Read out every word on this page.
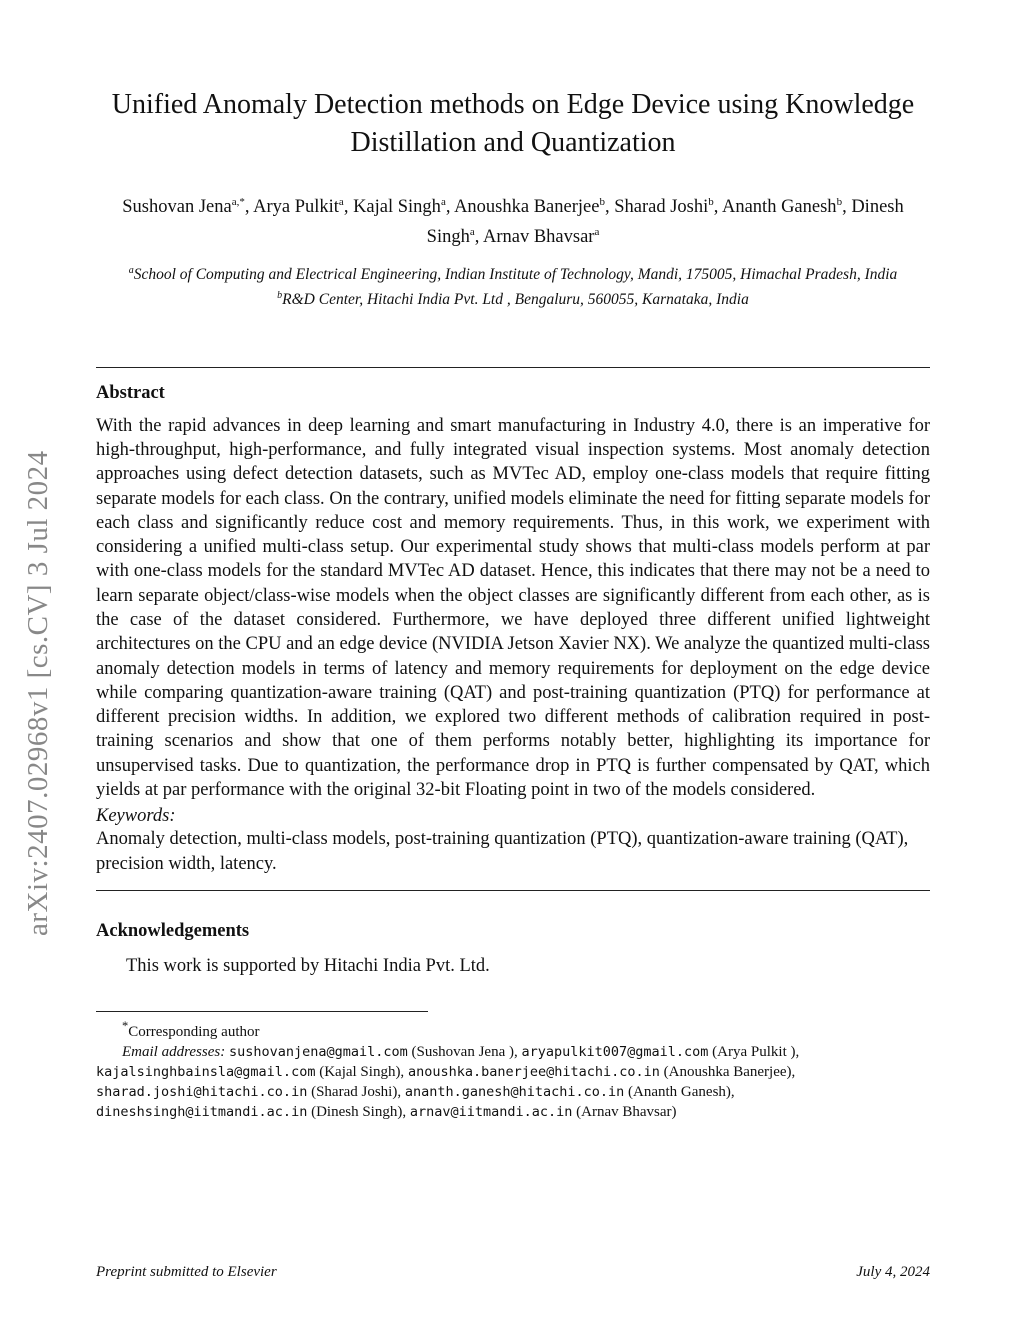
arXiv:2407.02968v1 [cs.CV] 3 Jul 2024
Unified Anomaly Detection methods on Edge Device using Knowledge Distillation and Quantization
Sushovan Jena$^{a,*}$, Arya Pulkit$^a$, Kajal Singh$^a$, Anoushka Banerjee$^b$, Sharad Joshi$^b$, Ananth Ganesh$^b$, Dinesh Singh$^a$, Arnav Bhavsar$^a$
$^a$School of Computing and Electrical Engineering, Indian Institute of Technology, Mandi, 175005, Himachal Pradesh, India
$^b$R&D Center, Hitachi India Pvt. Ltd , Bengaluru, 560055, Karnataka, India
Abstract
With the rapid advances in deep learning and smart manufacturing in Industry 4.0, there is an imperative for high-throughput, high-performance, and fully integrated visual inspection systems. Most anomaly detection approaches using defect detection datasets, such as MVTec AD, employ one-class models that require fitting separate models for each class. On the contrary, unified models eliminate the need for fitting separate models for each class and significantly reduce cost and memory requirements. Thus, in this work, we experiment with considering a unified multi-class setup. Our experimental study shows that multi-class models perform at par with one-class models for the standard MVTec AD dataset. Hence, this indicates that there may not be a need to learn separate object/class-wise models when the object classes are significantly different from each other, as is the case of the dataset considered. Furthermore, we have deployed three different unified lightweight architectures on the CPU and an edge device (NVIDIA Jetson Xavier NX). We analyze the quantized multi-class anomaly detection models in terms of latency and memory requirements for deployment on the edge device while comparing quantization-aware training (QAT) and post-training quantization (PTQ) for performance at different precision widths. In addition, we explored two different methods of calibration required in post-training scenarios and show that one of them performs notably better, highlighting its importance for unsupervised tasks. Due to quantization, the performance drop in PTQ is further compensated by QAT, which yields at par performance with the original 32-bit Floating point in two of the models considered.
Keywords:
Anomaly detection, multi-class models, post-training quantization (PTQ), quantization-aware training (QAT), precision width, latency.
Acknowledgements
This work is supported by Hitachi India Pvt. Ltd.
*Corresponding author
Email addresses: sushovanjena@gmail.com (Sushovan Jena ), aryapulkit007@gmail.com (Arya Pulkit ), kajalsinghbainsla@gmail.com (Kajal Singh), anoushka.banerjee@hitachi.co.in (Anoushka Banerjee), sharad.joshi@hitachi.co.in (Sharad Joshi), ananth.ganesh@hitachi.co.in (Ananth Ganesh), dineshsingh@iitmandi.ac.in (Dinesh Singh), arnav@iitmandi.ac.in (Arnav Bhavsar)
Preprint submitted to Elsevier	July 4, 2024
